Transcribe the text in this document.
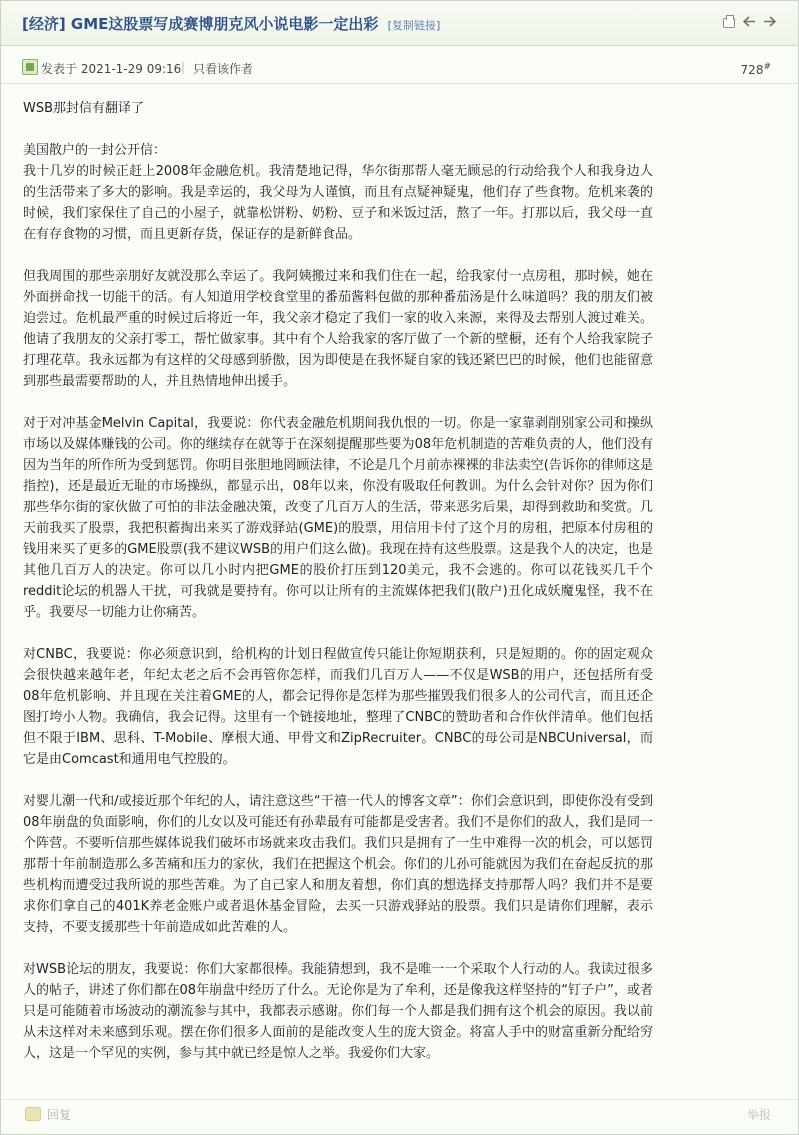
[经济] GME这股票写成赛博朋克风小说电影一定出彩 [复制链接]
发表于 2021-1-29 09:16 | 只看该作者	728#

WSB那封信有翻译了

美国散户的一封公开信：

我十几岁的时候正赶上2008年金融危机。我清楚地记得，华尔街那帮人毫无顾忌的行动给我个人和我身边人的生活带来了多大的影响。我是幸运的，我父母为人谨慎，而且有点疑神疑鬼，他们存了些食物。危机来袭的时候，我们家保住了自己的小屋子，就靠松饼粉、奶粉、豆子和米饭过活，熬了一年。打那以后，我父母一直在有存食物的习惯，而且更新存货，保证存的是新鲜食品。

但我周围的那些亲朋好友就没那么幸运了。我阿姨搬过来和我们住在一起，给我家付一点房租，那时候，她在外面拼命找一切能干的活。有人知道用学校食堂里的番茄酱料包做的那种番茄汤是什么味道吗？我的朋友们被迫尝过。危机最严重的时候过后将近一年，我父亲才稳定了我们一家的收入来源，来得及去帮别人渡过难关。他请了我朋友的父亲打零工，帮忙做家事。其中有个人给我家的客厅做了一个新的壁橱，还有个人给我家院子打理花草。我永远都为有这样的父母感到骄傲，因为即使是在我怀疑自家的钱还紧巴巴的时候，他们也能留意到那些最需要帮助的人，并且热情地伸出援手。

对于对冲基金Melvin Capital，我要说：你代表金融危机期间我仇恨的一切。你是一家靠剥削别家公司和操纵市场以及媒体赚钱的公司。你的继续存在就等于在深刻提醒那些要为08年危机制造的苦难负责的人，他们没有因为当年的所作所为受到惩罚。你明目张胆地罔顾法律，不论是几个月前赤裸裸的非法卖空(告诉你的律师这是指控)，还是最近无耻的市场操纵，都显示出，08年以来，你没有吸取任何教训。为什么会针对你？因为你们那些华尔街的家伙做了可怕的非法金融决策，改变了几百万人的生活，带来恶劣后果，却得到救助和奖赏。几天前我买了股票，我把积蓄掏出来买了游戏驿站(GME)的股票，用信用卡付了这个月的房租，把原本付房租的钱用来买了更多的GME股票(我不建议WSB的用户们这么做)。我现在持有这些股票。这是我个人的决定，也是其他几百万人的决定。你可以几小时内把GME的股价打压到120美元，我不会逃的。你可以花钱买几千个reddit论坛的机器人干扰，可我就是要持有。你可以让所有的主流媒体把我们(散户)丑化成妖魔鬼怪，我不在乎。我要尽一切能力让你痛苦。

对CNBC，我要说：你必须意识到，给机构的计划日程做宣传只能让你短期获利，只是短期的。你的固定观众会很快越来越年老，年纪太老之后不会再管你怎样，而我们几百万人——不仅是WSB的用户，还包括所有受08年危机影响、并且现在关注着GME的人，都会记得你是怎样为那些摧毁我们很多人的公司代言，而且还企图打垮小人物。我确信，我会记得。这里有一个链接地址，整理了CNBC的赞助者和合作伙伴清单。他们包括但不限于IBM、思科、T-Mobile、摩根大通、甲骨文和ZipRecruiter。CNBC的母公司是NBCUniversal，而它是由Comcast和通用电气控股的。

对婴儿潮一代和/或接近那个年纪的人，请注意这些“干禧一代人的博客文章”：你们会意识到，即使你没有受到08年崩盘的负面影响，你们的儿女以及可能还有孙辈最有可能都是受害者。我们不是你们的敌人，我们是同一个阵营。不要听信那些媒体说我们破坏市场就来攻击我们。我们只是拥有了一生中难得一次的机会，可以惩罚那帮十年前制造那么多苦痛和压力的家伙，我们在把握这个机会。你们的儿孙可能就因为我们在奋起反抗的那些机构而遭受过我所说的那些苦难。为了自己家人和朋友着想，你们真的想选择支持那帮人吗？我们并不是要求你们拿自己的401K养老金账户或者退休基金冒险，去买一只游戏驿站的股票。我们只是请你们理解，表示支持，不要支援那些十年前造成如此苦难的人。

对WSB论坛的朋友，我要说：你们大家都很棒。我能猜想到，我不是唯一一个采取个人行动的人。我读过很多人的帖子，讲述了你们都在08年崩盘中经历了什么。无论你是为了牟利，还是像我这样坚持的“钉子户”，或者只是可能随着市场波动的潮流参与其中，我都表示感谢。你们每一个人都是我们拥有这个机会的原因。我以前从未这样对未来感到乐观。摆在你们很多人面前的是能改变人生的庞大资金。将富人手中的财富重新分配给穷人，这是一个罕见的实例，参与其中就已经是惊人之举。我爱你们大家。

回复	举报
